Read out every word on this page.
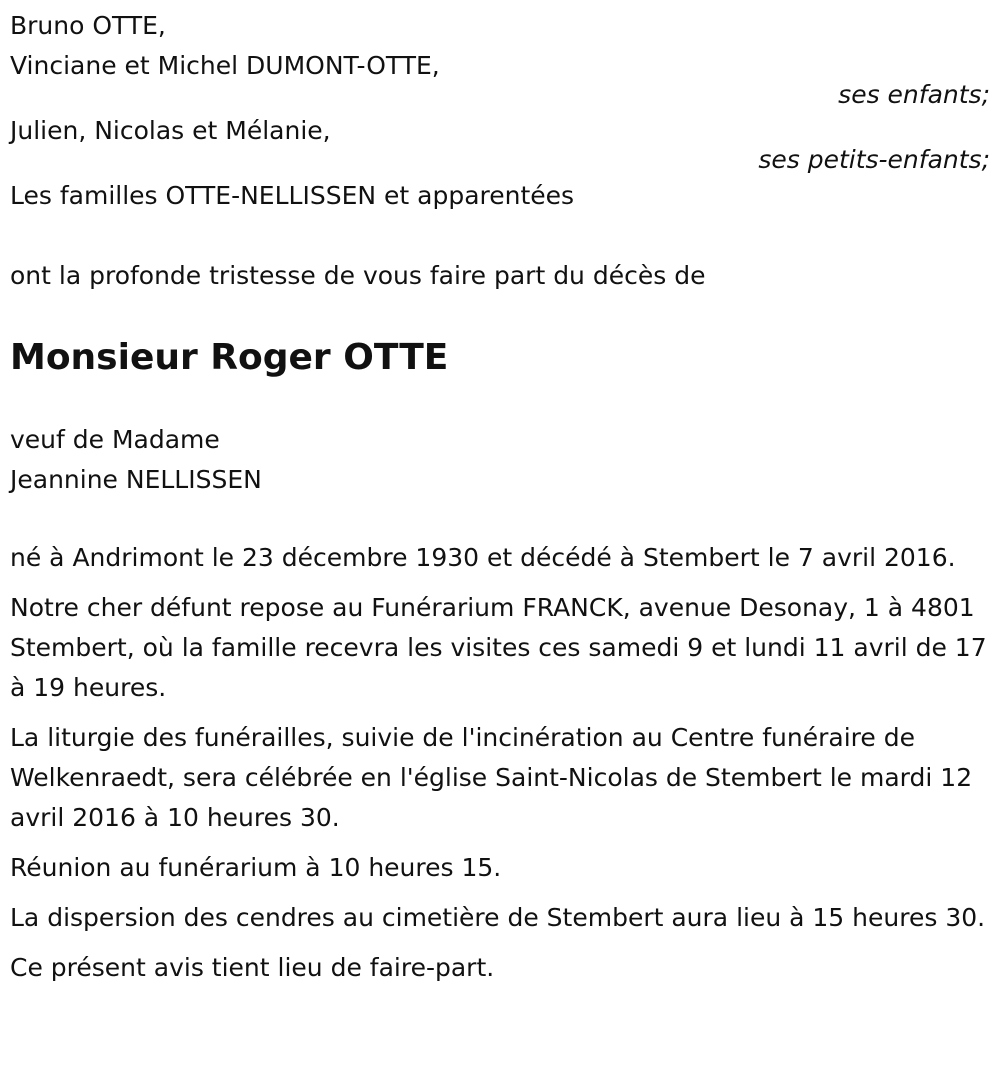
Bruno OTTE,
Vinciane et Michel DUMONT-OTTE,
ses enfants;
Julien, Nicolas et Mélanie,
ses petits-enfants;
Les familles OTTE-NELLISSEN et apparentées
ont la profonde tristesse de vous faire part du décès de
Monsieur Roger OTTE
veuf de Madame
Jeannine NELLISSEN
né à Andrimont le 23 décembre 1930 et décédé à Stembert le 7 avril 2016.
Notre cher défunt repose au Funérarium FRANCK, avenue Desonay, 1 à 4801 Stembert, où la famille recevra les visites ces samedi 9 et lundi 11 avril de 17 à 19 heures.
La liturgie des funérailles, suivie de l'incinération au Centre funéraire de Welkenraedt, sera célébrée en l'église Saint-Nicolas de Stembert le mardi 12 avril 2016 à 10 heures 30.
Réunion au funérarium à 10 heures 15.
La dispersion des cendres au cimetière de Stembert aura lieu à 15 heures 30.
Ce présent avis tient lieu de faire-part.
